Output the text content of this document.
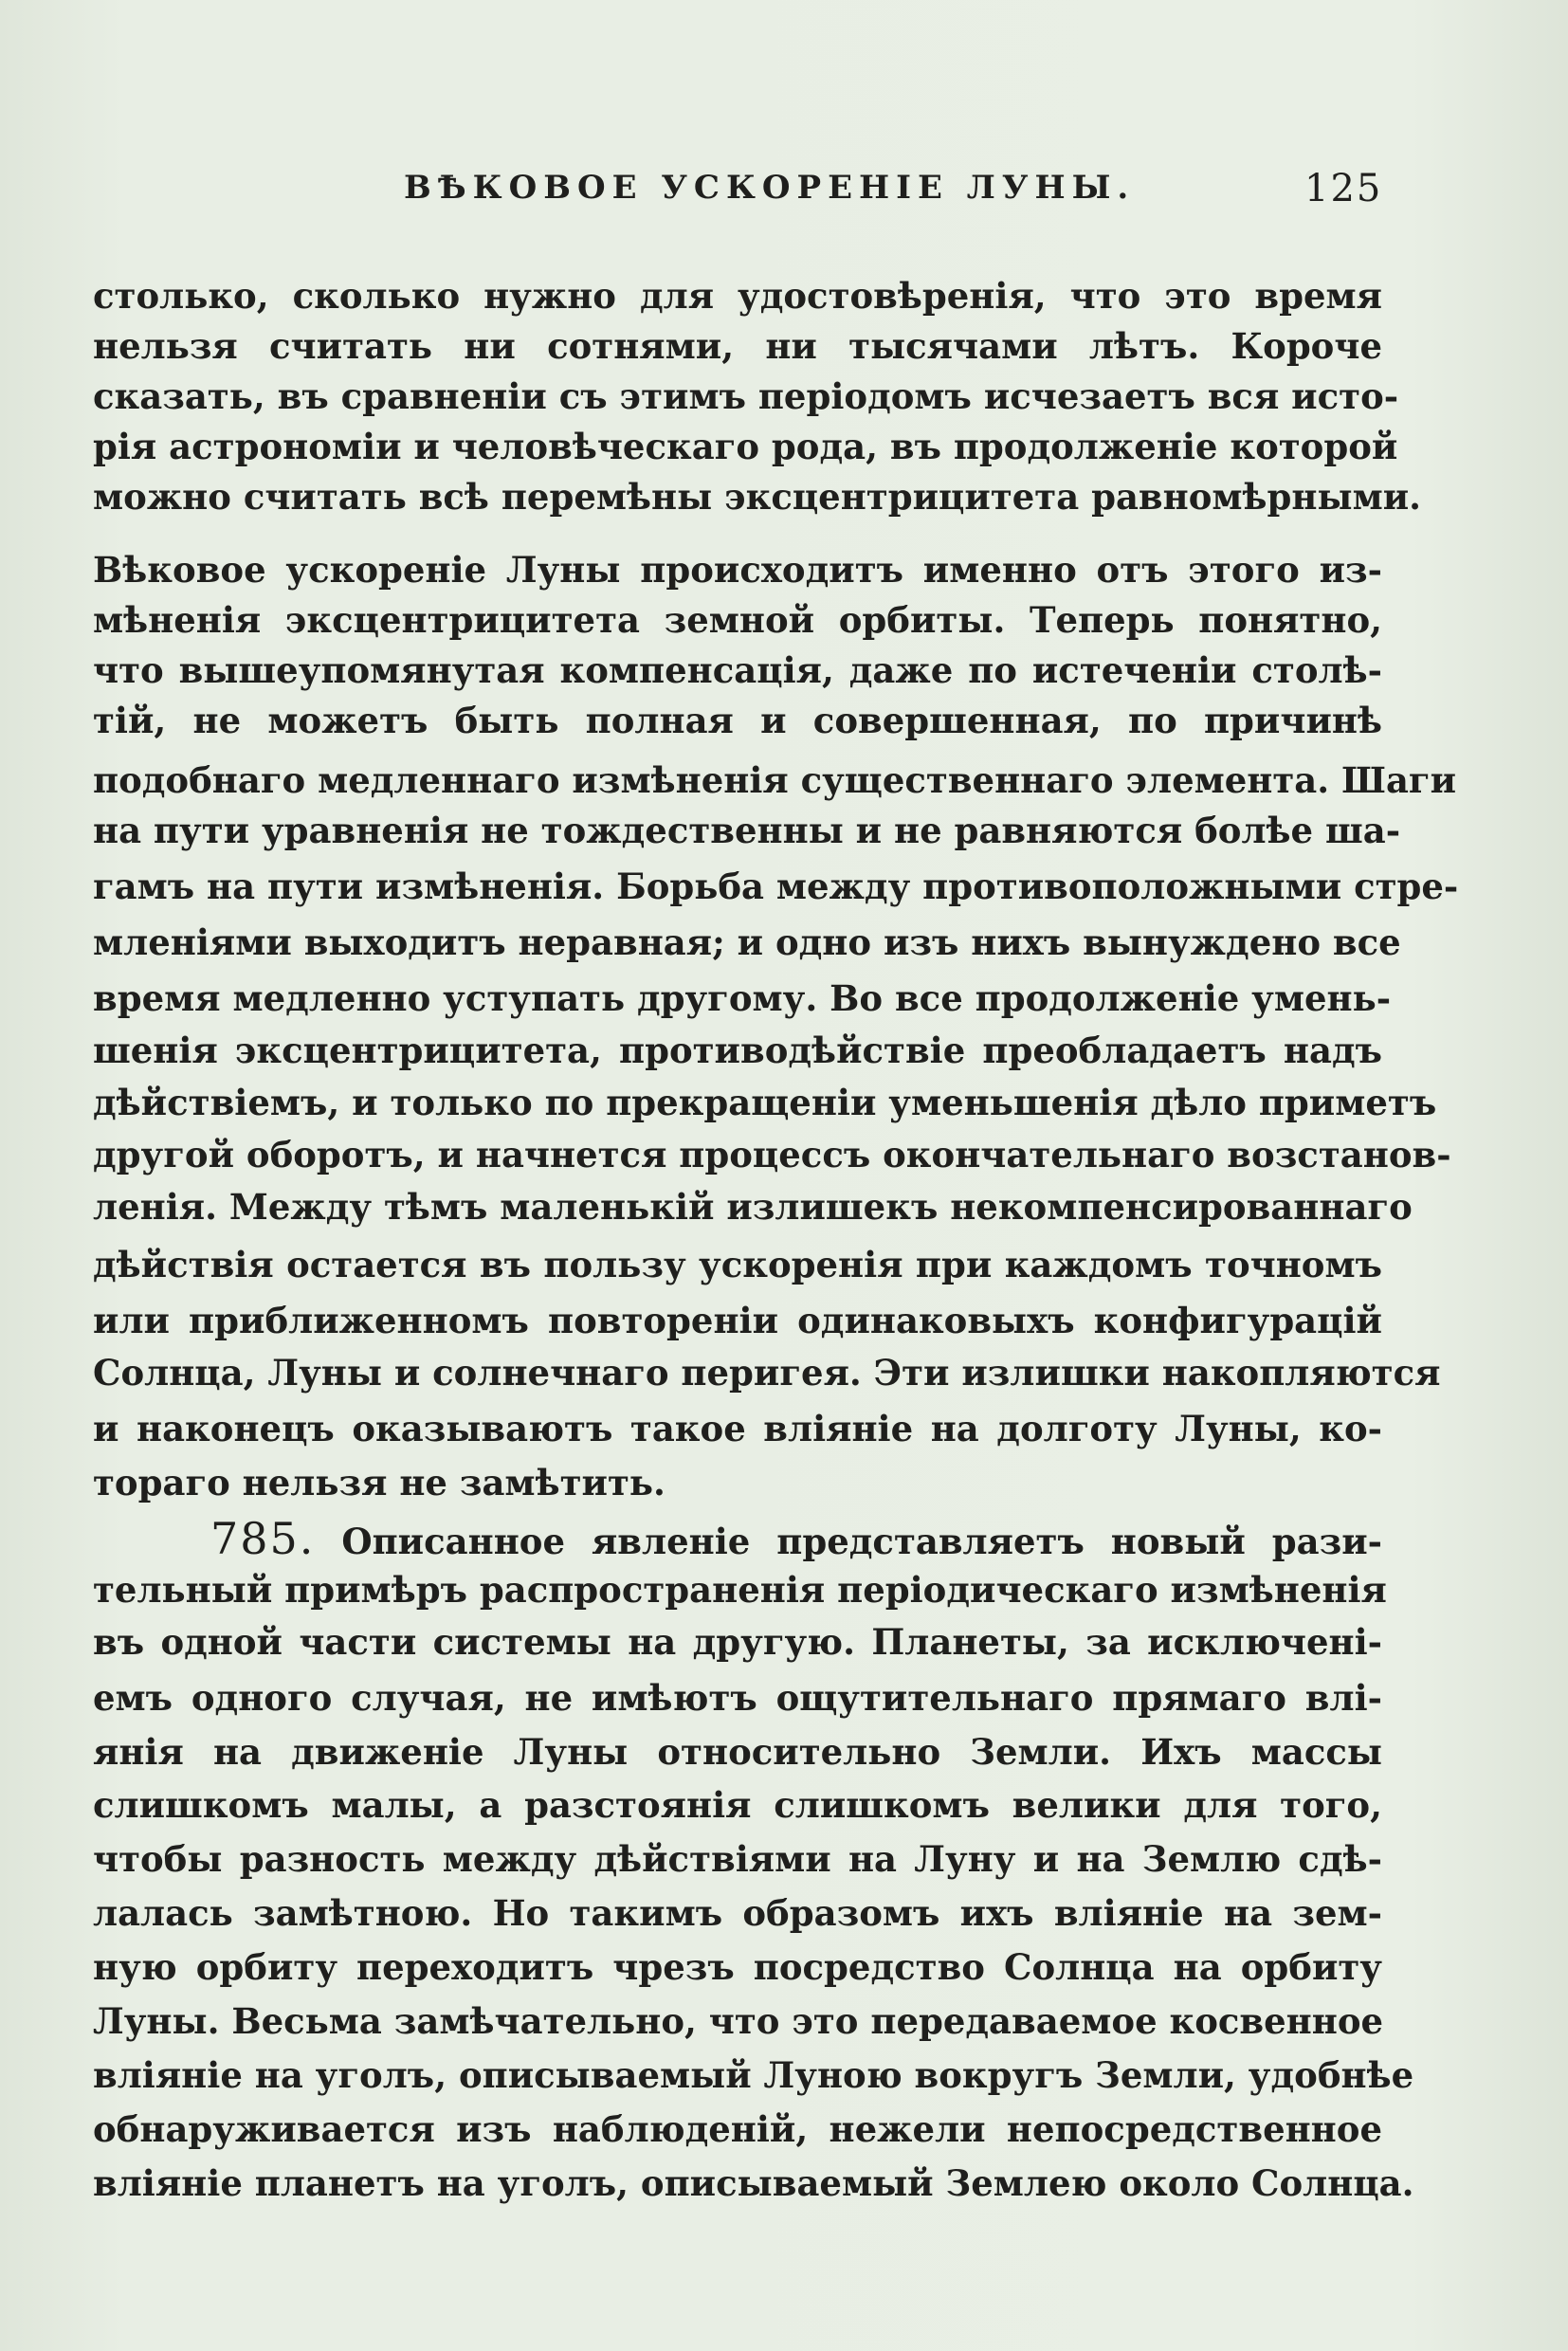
ВѢКОВОЕ УСКОРЕНІЕ ЛУНЫ.	125
столько, сколько нужно для удостовѣренія, что это время
нельзя считать ни сотнями, ни тысячами лѣтъ. Короче
сказать, въ сравненіи съ этимъ періодомъ исчезаетъ вся исто-
рія астрономіи и человѣческаго рода, въ продолженіе которой
можно считать всѣ перемѣны эксцентрицитета равномѣрными.
Вѣковое ускореніе Луны происходитъ именно отъ этого из-
мѣненія эксцентрицитета земной орбиты. Теперь понятно,
что вышеупомянутая компенсація, даже по истеченіи столѣ-
тій, не можетъ быть полная и совершенная, по причинѣ
подобнаго медленнаго измѣненія существеннаго элемента. Шаги
на пути уравненія не тождественны и не равняются болѣе ша-
гамъ на пути измѣненія. Борьба между противоположными стре-
мленіями выходитъ неравная; и одно изъ нихъ вынуждено все
время медленно уступать другому. Во все продолженіе умень-
шенія эксцентрицитета, противодѣйствіе преобладаетъ надъ
дѣйствіемъ, и только по прекращеніи уменьшенія дѣло приметъ
другой оборотъ, и начнется процессъ окончательнаго возстанов-
ленія. Между тѣмъ маленькій излишекъ некомпенсированнаго
дѣйствія остается въ пользу ускоренія при каждомъ точномъ
или приближенномъ повтореніи одинаковыхъ конфигурацій
Солнца, Луны и солнечнаго перигея. Эти излишки накопляются
и наконецъ оказываютъ такое вліяніе на долготу Луны, ко-
тораго нельзя не замѣтить.
785. Описанное явленіе представляетъ новый рази-
тельный примѣръ распространенія періодическаго измѣненія
въ одной части системы на другую. Планеты, за исключені-
емъ одного случая, не имѣютъ ощутительнаго прямаго влі-
янія на движеніе Луны относительно Земли. Ихъ массы
слишкомъ малы, а разстоянія слишкомъ велики для того,
чтобы разность между дѣйствіями на Луну и на Землю сдѣ-
лалась замѣтною. Но такимъ образомъ ихъ вліяніе на зем-
ную орбиту переходитъ чрезъ посредство Солнца на орбиту
Луны. Весьма замѣчательно, что это передаваемое косвенное
вліяніе на уголъ, описываемый Луною вокругъ Земли, удобнѣе
обнаруживается изъ наблюденій, нежели непосредственное
вліяніе планетъ на уголъ, описываемый Землею около Солнца.
